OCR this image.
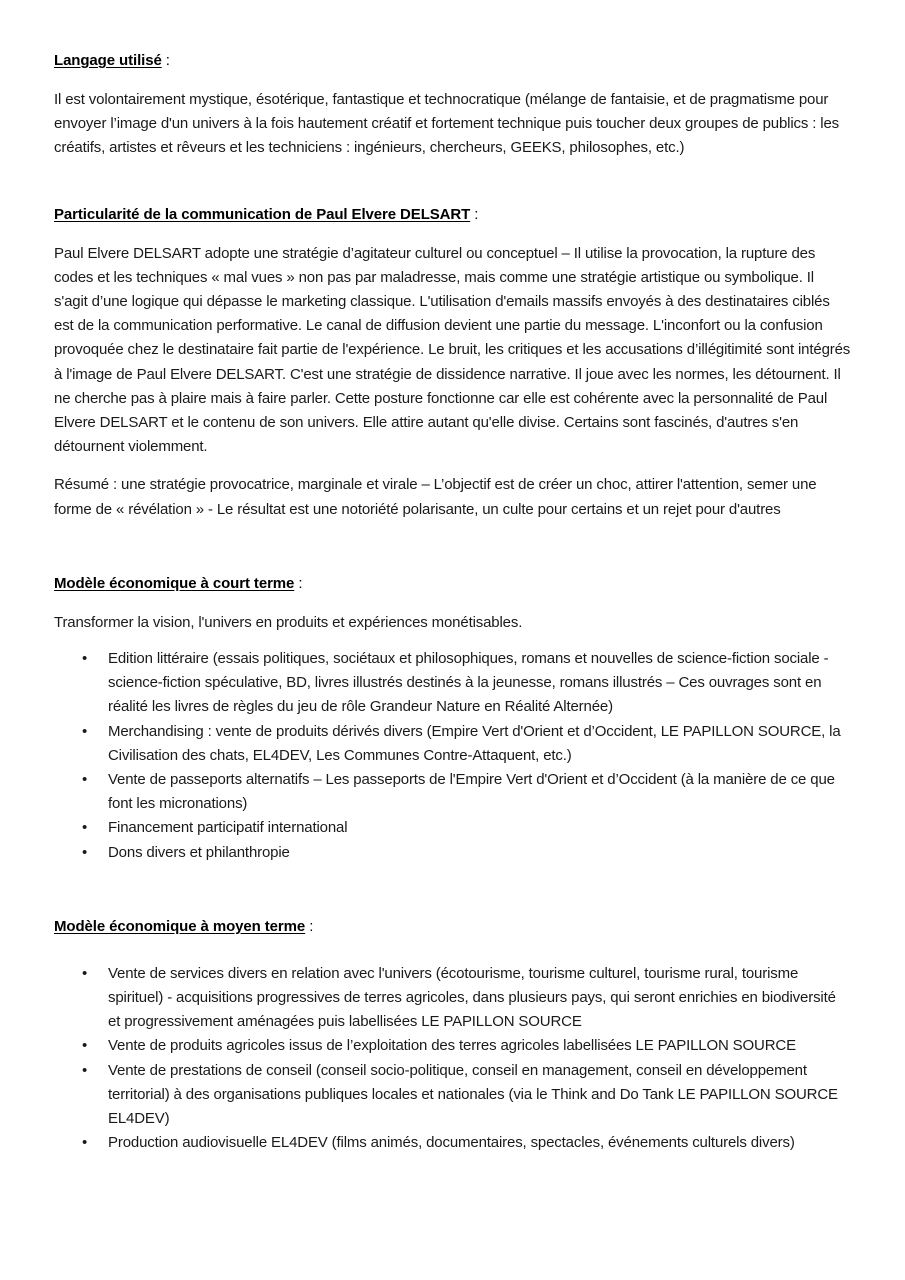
Langage utilisé :

Il est volontairement mystique, ésotérique, fantastique et technocratique (mélange de fantaisie, et de pragmatisme pour envoyer l’image d'un univers à la fois hautement créatif et fortement technique puis toucher deux groupes de publics : les créatifs, artistes et rêveurs et les techniciens : ingénieurs, chercheurs, GEEKS, philosophes, etc.)

Particularité de la communication de Paul Elvere DELSART :

Paul Elvere DELSART adopte une stratégie d’agitateur culturel ou conceptuel – Il utilise la provocation, la rupture des codes et les techniques « mal vues » non pas par maladresse, mais comme une stratégie artistique ou symbolique. Il s'agit d’une logique qui dépasse le marketing classique. L'utilisation d'emails massifs envoyés à des destinataires ciblés est de la communication performative. Le canal de diffusion devient une partie du message. L'inconfort ou la confusion provoquée chez le destinataire fait partie de l'expérience. Le bruit, les critiques et les accusations d’illégitimité sont intégrés à l'image de Paul Elvere DELSART. C'est une stratégie de dissidence narrative. Il joue avec les normes, les détournent. Il ne cherche pas à plaire mais à faire parler. Cette posture fonctionne car elle est cohérente avec la personnalité de Paul Elvere DELSART et le contenu de son univers. Elle attire autant qu'elle divise. Certains sont fascinés, d'autres s'en détournent violemment.

Résumé : une stratégie provocatrice, marginale et virale – L’objectif est de créer un choc, attirer l'attention, semer une forme de « révélation » - Le résultat est une notoriété polarisante, un culte pour certains et un rejet pour d'autres

Modèle économique à court terme :

Transformer la vision, l'univers en produits et expériences monétisables.

• Edition littéraire (essais politiques, sociétaux et philosophiques, romans et nouvelles de science-fiction sociale - science-fiction spéculative, BD, livres illustrés destinés à la jeunesse, romans illustrés – Ces ouvrages sont en réalité les livres de règles du jeu de rôle Grandeur Nature en Réalité Alternée)
• Merchandising : vente de produits dérivés divers (Empire Vert d'Orient et d’Occident, LE PAPILLON SOURCE, la Civilisation des chats, EL4DEV, Les Communes Contre-Attaquent, etc.)
• Vente de passeports alternatifs – Les passeports de l'Empire Vert d'Orient et d’Occident (à la manière de ce que font les micronations)
• Financement participatif international
• Dons divers et philanthropie
Modèle économique à moyen terme :
• Vente de services divers en relation avec l'univers (écotourisme, tourisme culturel, tourisme rural, tourisme spirituel) - acquisitions progressives de terres agricoles, dans plusieurs pays, qui seront enrichies en biodiversité et progressivement aménagées puis labellisées LE PAPILLON SOURCE
• Vente de produits agricoles issus de l’exploitation des terres agricoles labellisées LE PAPILLON SOURCE
• Vente de prestations de conseil (conseil socio-politique, conseil en management, conseil en développement territorial) à des organisations publiques locales et nationales (via le Think and Do Tank LE PAPILLON SOURCE EL4DEV)
• Production audiovisuelle EL4DEV (films animés, documentaires, spectacles, événements culturels divers)
